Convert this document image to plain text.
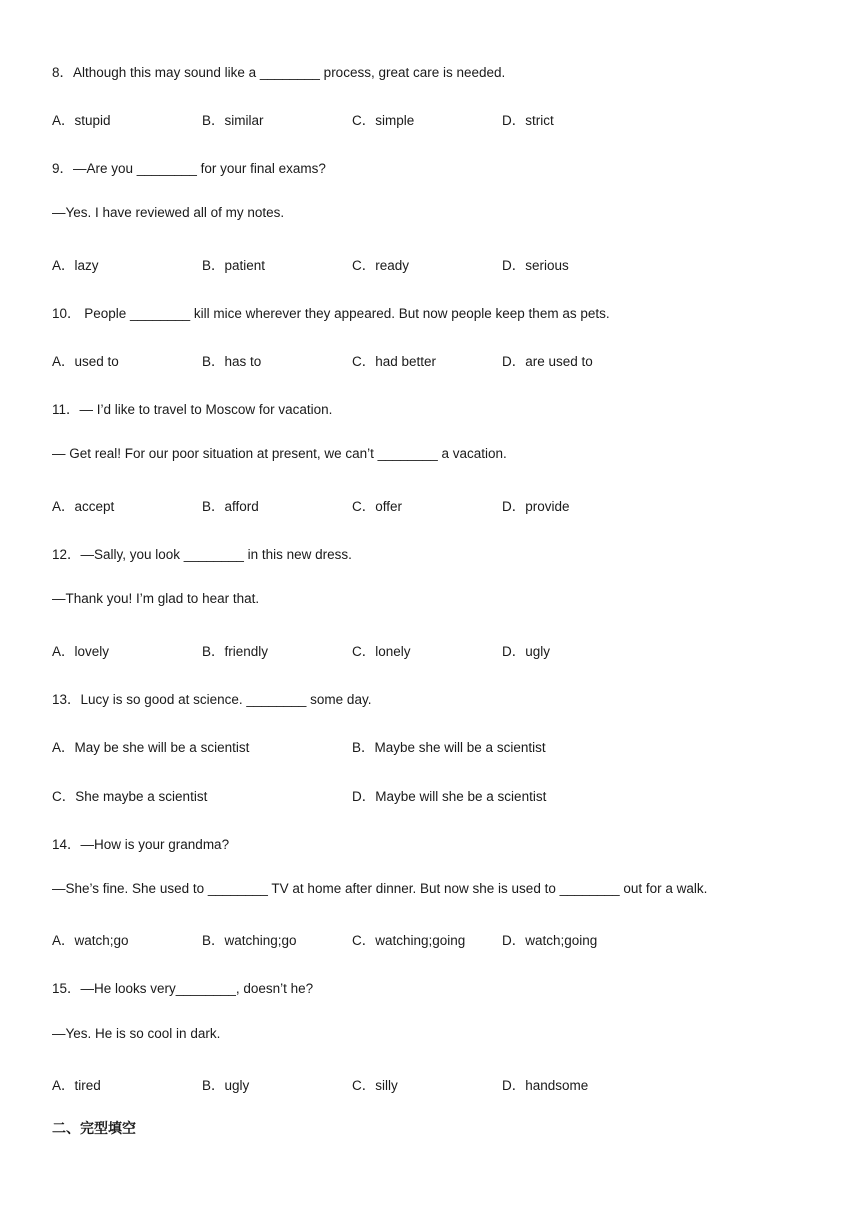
8．Although this may sound like a ________ process, great care is needed.
A．stupid	B．similar	C．simple	D．strict
9．—Are you ________ for your final exams?
—Yes. I have reviewed all of my notes.
A．lazy	B．patient	C．ready	D．serious
10． People ________ kill mice wherever they appeared. But now people keep them as pets.
A．used to	B．has to	C．had better	D．are used to
11．— I’d like to travel to Moscow for vacation.
— Get real! For our poor situation at present, we can’t ________ a vacation.
A．accept	B．afford	C．offer	D．provide
12．—Sally, you look ________ in this new dress.
—Thank you! I’m glad to hear that.
A．lovely	B．friendly	C．lonely	D．ugly
13．Lucy is so good at science. ________ some day.
A．May be she will be a scientist	B．Maybe she will be a scientist
C．She maybe a scientist	D．Maybe will she be a scientist
14．—How is your grandma?
—She’s fine. She used to ________ TV at home after dinner. But now she is used to ________ out for a walk.
A．watch;go	B．watching;go	C．watching;going	D．watch;going
15．—He looks very________, doesn’t he?
—Yes. He is so cool in dark.
A．tired	B．ugly	C．silly	D．handsome
二、完型填空
